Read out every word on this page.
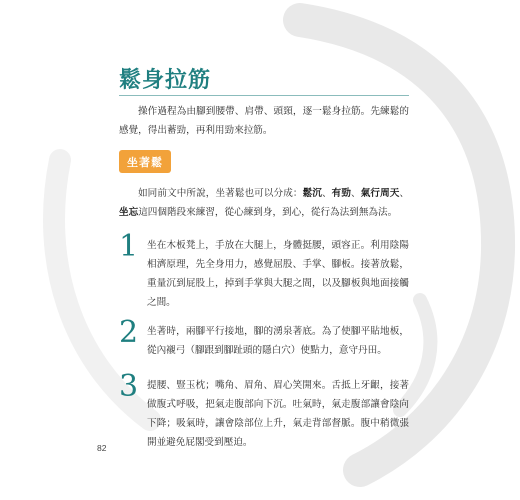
鬆身拉筋

操作過程為由腳到腰帶、肩帶、頭頸，逐一鬆身拉筋。先練鬆的感覺，得出蓄勁，再利用勁來拉筋。

坐著鬆

如同前文中所說，坐著鬆也可以分成：鬆沉、有勁、氣行周天、坐忘這四個階段來練習，從心練到身，到心，從行為法到無為法。

1 坐在木板凳上，手放在大腿上，身體挺腰，頭容正。利用陰陽相濟原理，先全身用力，感覺屈股、手掌、腳板。接著放鬆，重量沉到屁股上，掉到手掌與大腿之間，以及腳板與地面接觸之間。

2 坐著時，兩腳平行接地，腳的湧泉著底。為了使腳平貼地板，從內襯弓（腳跟到腳趾頭的隱白穴）使點力，意守丹田。

3 提腰、豎玉枕；嘴角、眉角、眉心笑開來。舌抵上牙齦，接著做腹式呼吸，把氣走腹部向下沉。吐氣時，氣走腹部讓會陰向下降；吸氣時，讓會陰部位上升，氣走背部督脈。腹中稍微張開並避免屁閣受到壓迫。

82
